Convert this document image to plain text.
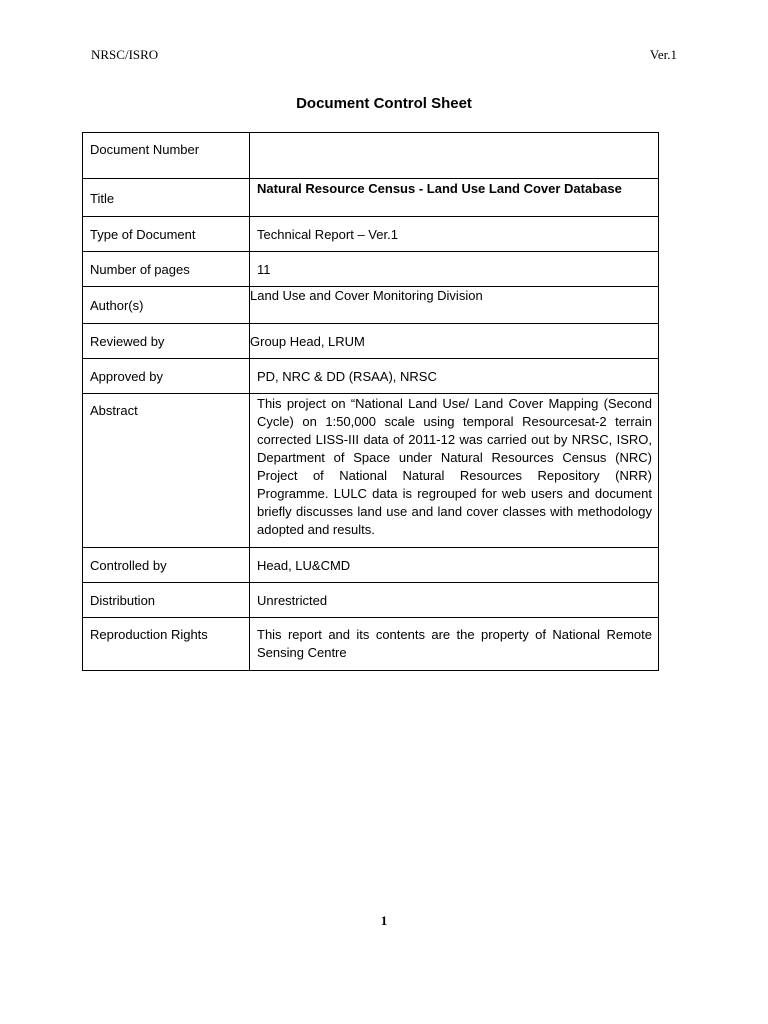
NRSC/ISRO	Ver.1
Document Control Sheet
Document Number	
Title	Natural Resource Census - Land Use Land Cover Database
Type of Document	Technical Report – Ver.1
Number of pages	11
Author(s)	Land Use and Cover Monitoring Division
Reviewed by	Group Head, LRUM
Approved by	PD, NRC & DD (RSAA), NRSC
Abstract	This project on “National Land Use/ Land Cover Mapping (Second Cycle) on 1:50,000 scale using temporal Resourcesat-2 terrain corrected LISS-III data of 2011-12 was carried out by NRSC, ISRO, Department of Space under Natural Resources Census (NRC) Project of National Natural Resources Repository (NRR) Programme. LULC data is regrouped for web users and document briefly discusses land use and land cover classes with methodology adopted and results.
Controlled by	Head, LU&CMD
Distribution	Unrestricted
Reproduction Rights	This report and its contents are the property of National Remote Sensing Centre
1
